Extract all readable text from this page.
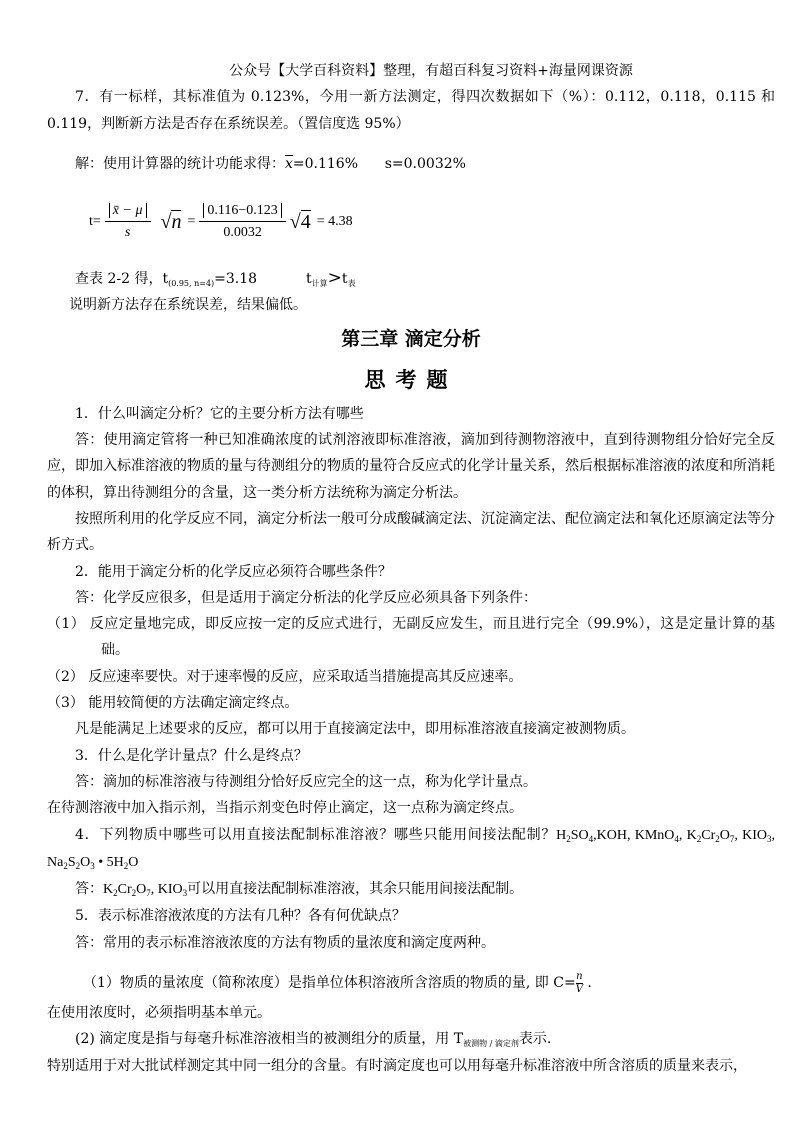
公众号【大学百科资料】整理，有超百科复习资料+海量网课资源

7．有一标样，其标准值为 0.123%，今用一新方法测定，得四次数据如下（%）：0.112，0.118，0.115 和 0.119，判断新方法是否存在系统误差。（置信度选 95%）

解：使用计算器的统计功能求得：$\overline{x}=0.116\%$ s=0.0032%

$t= \frac{x̄ - \mu}{s} √n = \frac{0.116-0.123}{0.0032} √4 = 4.38$

查表 2-2 得，$t_{(0.95, n=4)}=3.18$	$t_{计算}>t_表$

说明新方法存在系统误差，结果偏低。

第三章 滴定分析

思考题

1．什么叫滴定分析？它的主要分析方法有哪些

答：使用滴定管将一种已知准确浓度的试剂溶液即标准溶液，滴加到待测物溶液中，直到待测物组分恰好完全反应，即加入标准溶液的物质的量与待测组分的物质的量符合反应式的化学计量关系，然后根据标准溶液的浓度和所消耗的体积，算出待测组分的含量，这一类分析方法统称为滴定分析法。

按照所利用的化学反应不同，滴定分析法一般可分成酸碱滴定法、沉淀滴定法、配位滴定法和氧化还原滴定法等分析方式。

2．能用于滴定分析的化学反应必须符合哪些条件？

答：化学反应很多，但是适用于滴定分析法的化学反应必须具备下列条件：

（1） 反应定量地完成，即反应按一定的反应式进行，无副反应发生，而且进行完全（99.9%），这是定量计算的基础。

（2） 反应速率要快。对于速率慢的反应，应采取适当措施提高其反应速率。

（3） 能用较简便的方法确定滴定终点。

凡是能满足上述要求的反应，都可以用于直接滴定法中，即用标准溶液直接滴定被测物质。

3．什么是化学计量点？什么是终点？

答：滴加的标准溶液与待测组分恰好反应完全的这一点，称为化学计量点。

在待测溶液中加入指示剂，当指示剂变色时停止滴定，这一点称为滴定终点。

4．下列物质中哪些可以用直接法配制标准溶液？哪些只能用间接法配制？$H_2SO_4,KOH$, KMnO$_4$, $K_2Cr_2O_7$, $KIO_3$, $Na_2S_2O_3$ • $5H_2O$

答：$K_2Cr_2O_7$, $KIO_3$可以用直接法配制标准溶液，其余只能用间接法配制。

5．表示标准溶液浓度的方法有几种？各有何优缺点？

答：常用的表示标准溶液浓度的方法有物质的量浓度和滴定度两种。

（1）物质的量浓度（简称浓度）是指单位体积溶液所含溶质的物质的量, 即 $C= \frac{n}{V}$ .

在使用浓度时，必须指明基本单元。

(2) 滴定度是指与每毫升标准溶液相当的被测组分的质量，用 $T_{被测物 / 滴定剂}$表示.

特别适用于对大批试样测定其中同一组分的含量。有时滴定度也可以用每毫升标准溶液中所含溶质的质量来表示，
